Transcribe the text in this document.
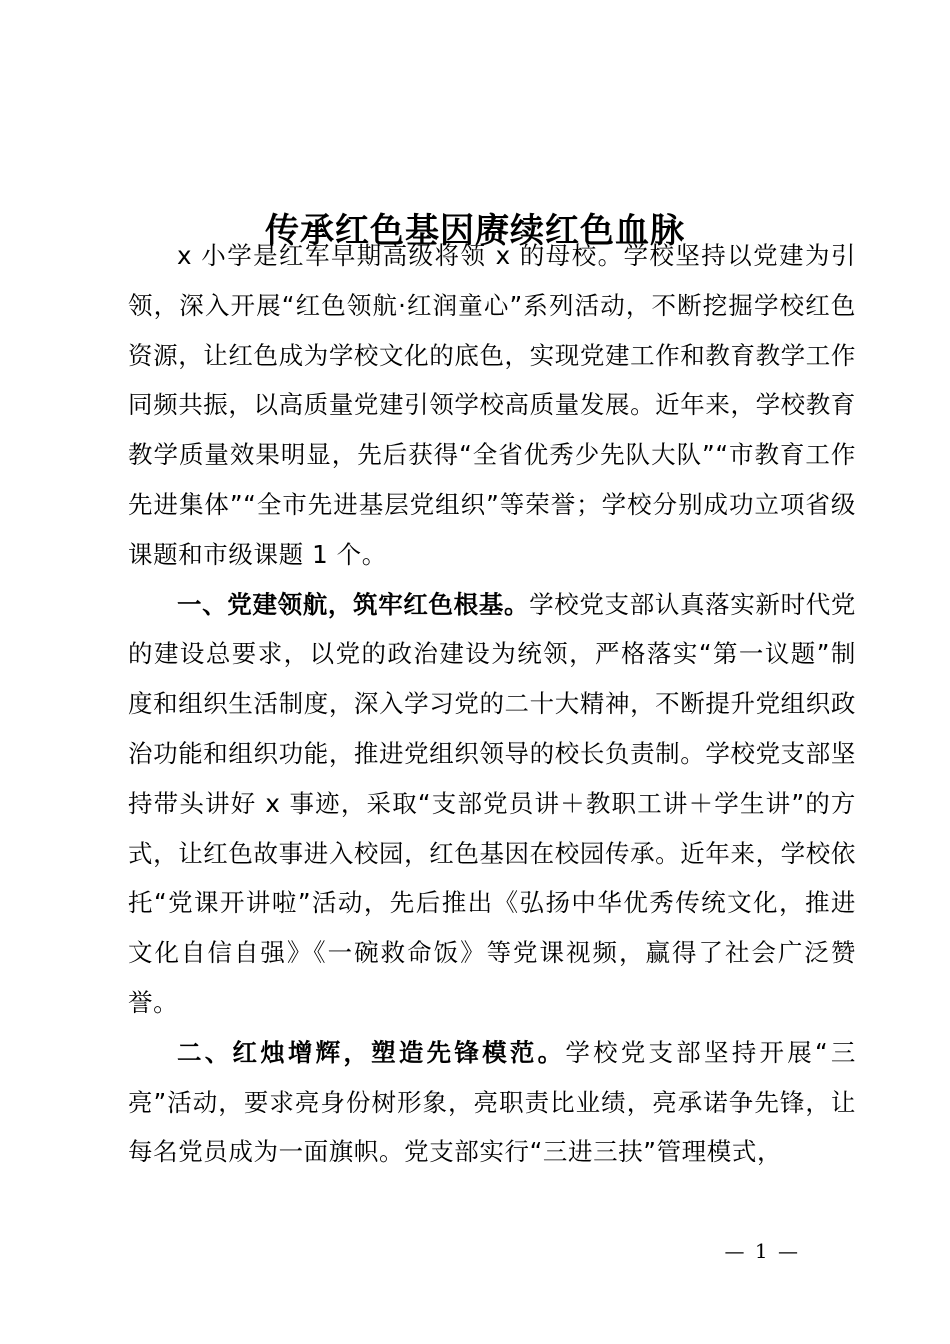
传承红色基因赓续红色血脉

x 小学是红军早期高级将领 x 的母校。学校坚持以党建为引领，深入开展“红色领航·红润童心”系列活动，不断挖掘学校红色资源，让红色成为学校文化的底色，实现党建工作和教育教学工作同频共振，以高质量党建引领学校高质量发展。近年来，学校教育教学质量效果明显，先后获得“全省优秀少先队大队”“市教育工作先进集体”“全市先进基层党组织”等荣誉；学校分别成功立项省级课题和市级课题 1 个。

一、党建领航，筑牢红色根基。学校党支部认真落实新时代党的建设总要求，以党的政治建设为统领，严格落实“第一议题”制度和组织生活制度，深入学习党的二十大精神，不断提升党组织政治功能和组织功能，推进党组织领导的校长负责制。学校党支部坚持带头讲好 x 事迹，采取“支部党员讲＋教职工讲＋学生讲”的方式，让红色故事进入校园，红色基因在校园传承。近年来，学校依托“党课开讲啦”活动，先后推出《弘扬中华优秀传统文化，推进文化自信自强》《一碗救命饭》等党课视频，赢得了社会广泛赞誉。

二、红烛增辉，塑造先锋模范。学校党支部坚持开展“三亮”活动，要求亮身份树形象，亮职责比业绩，亮承诺争先锋，让每名党员成为一面旗帜。党支部实行“三进三扶”管理模式，

— 1 —
